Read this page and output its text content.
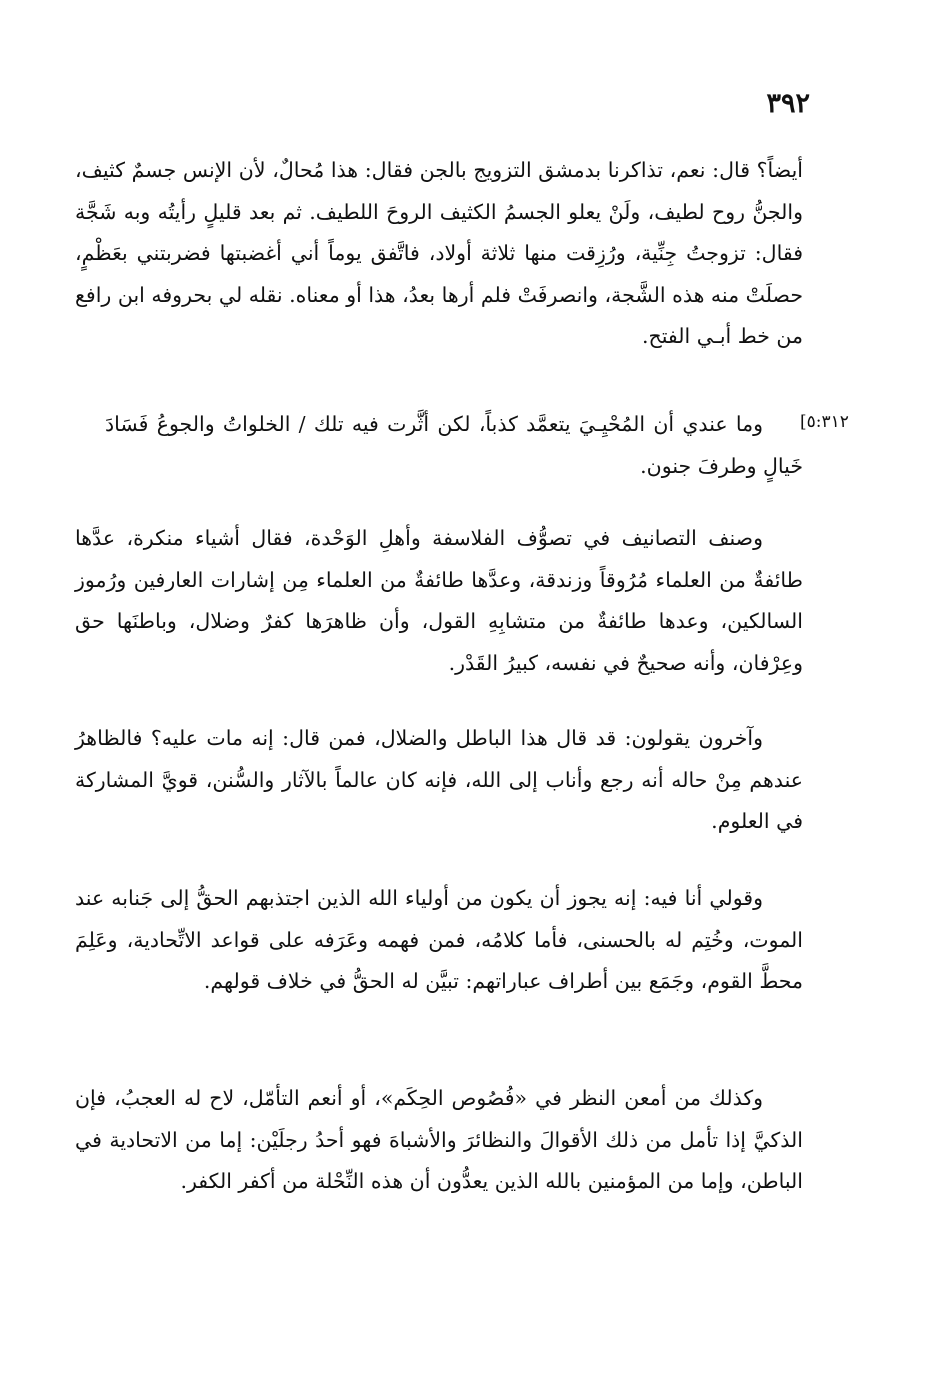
٣٩٢
[٥:٣١٢

أيضاً؟ قال: نعم، تذاكرنا بدمشق التزويج بالجن فقال: هذا مُحالٌ، لأن الإنس جسمٌ كثيف، والجنُّ روح لطيف، ولَنْ يعلو الجسمُ الكثيف الروحَ اللطيف. ثم بعد قليلٍ رأيتُه وبه شَجَّة فقال: تزوجتُ جِنِّية، ورُزِقت منها ثلاثة أولاد، فاتَّفق يوماً أني أغضبتها فضربتني بعَظْمٍ، حصلَتْ منه هذه الشَّجة، وانصرفَتْ فلم أرها بعدُ، هذا أو معناه. نقله لي بحروفه ابن رافع من خط أبـي الفتح.

وما عندي أن المُحْيِـيَ يتعمَّد كذباً، لكن أثَّرت فيه تلك / الخلواتُ والجوعُ فَسَادَ خَيالٍ وطرفَ جنون.

وصنف التصانيف في تصوُّف الفلاسفة وأهلِ الوَحْدة، فقال أشياء منكرة، عدَّها طائفةٌ من العلماء مُرُوقاً وزندقة، وعدَّها طائفةٌ من العلماء مِن إشارات العارفين ورُموز السالكين، وعدها طائفةٌ من متشابِهِ القول، وأن ظاهرَها كفرٌ وضلال، وباطنَها حق وعِرْفان، وأنه صحيحٌ في نفسه، كبيرُ القَدْر.

وآخرون يقولون: قد قال هذا الباطل والضلال، فمن قال: إنه مات عليه؟ فالظاهرُ عندهم مِنْ حاله أنه رجع وأناب إلى الله، فإنه كان عالماً بالآثار والسُّنن، قويَّ المشاركة في العلوم.

وقولي أنا فيه: إنه يجوز أن يكون من أولياء الله الذين اجتذبهم الحقُّ إلى جَنابه عند الموت، وخُتِم له بالحسنى، فأما كلامُه، فمن فهمه وعَرَفه على قواعد الاتِّحادية، وعَلِمَ محطَّ القوم، وجَمَع بين أطراف عباراتهم: تبيَّن له الحقُّ في خلاف قولهم.

وكذلك من أمعن النظر في «فُصُوص الحِكَم»، أو أنعم التأمّل، لاح له العجبُ، فإن الذكيَّ إذا تأمل من ذلك الأقوالَ والنظائرَ والأشباهَ فهو أحدُ رجلَيْن: إما من الاتحادية في الباطن، وإما من المؤمنين بالله الذين يعدُّون أن هذه النِّحْلة من أكفر الكفر.
